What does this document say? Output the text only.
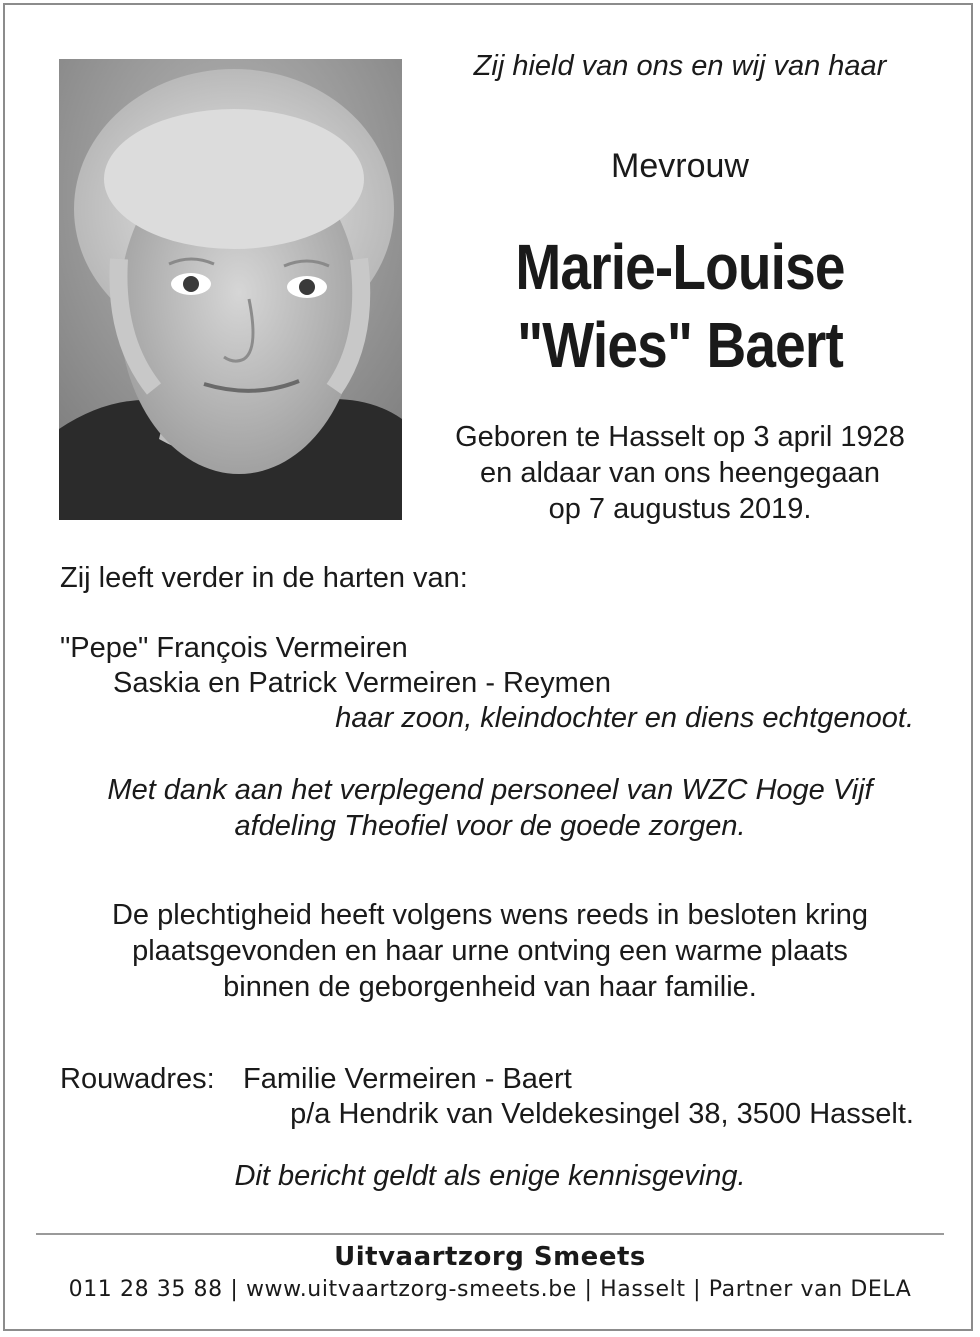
Zij hield van ons en wij van haar
Mevrouw
Marie-Louise
"Wies" Baert
Geboren te Hasselt op 3 april 1928
en aldaar van ons heengegaan
op 7 augustus 2019.
Zij leeft verder in de harten van:
"Pepe" François Vermeiren
Saskia en Patrick Vermeiren - Reymen
haar zoon, kleindochter en diens echtgenoot.
Met dank aan het verplegend personeel van WZC Hoge Vijf
afdeling Theofiel voor de goede zorgen.
De plechtigheid heeft volgens wens reeds in besloten kring
plaatsgevonden en haar urne ontving een warme plaats
binnen de geborgenheid van haar familie.
Rouwadres: Familie Vermeiren - Baert
p/a Hendrik van Veldekesingel 38, 3500 Hasselt.
Dit bericht geldt als enige kennisgeving.
Uitvaartzorg Smeets
011 28 35 88 | www.uitvaartzorg-smeets.be | Hasselt | Partner van DELA
